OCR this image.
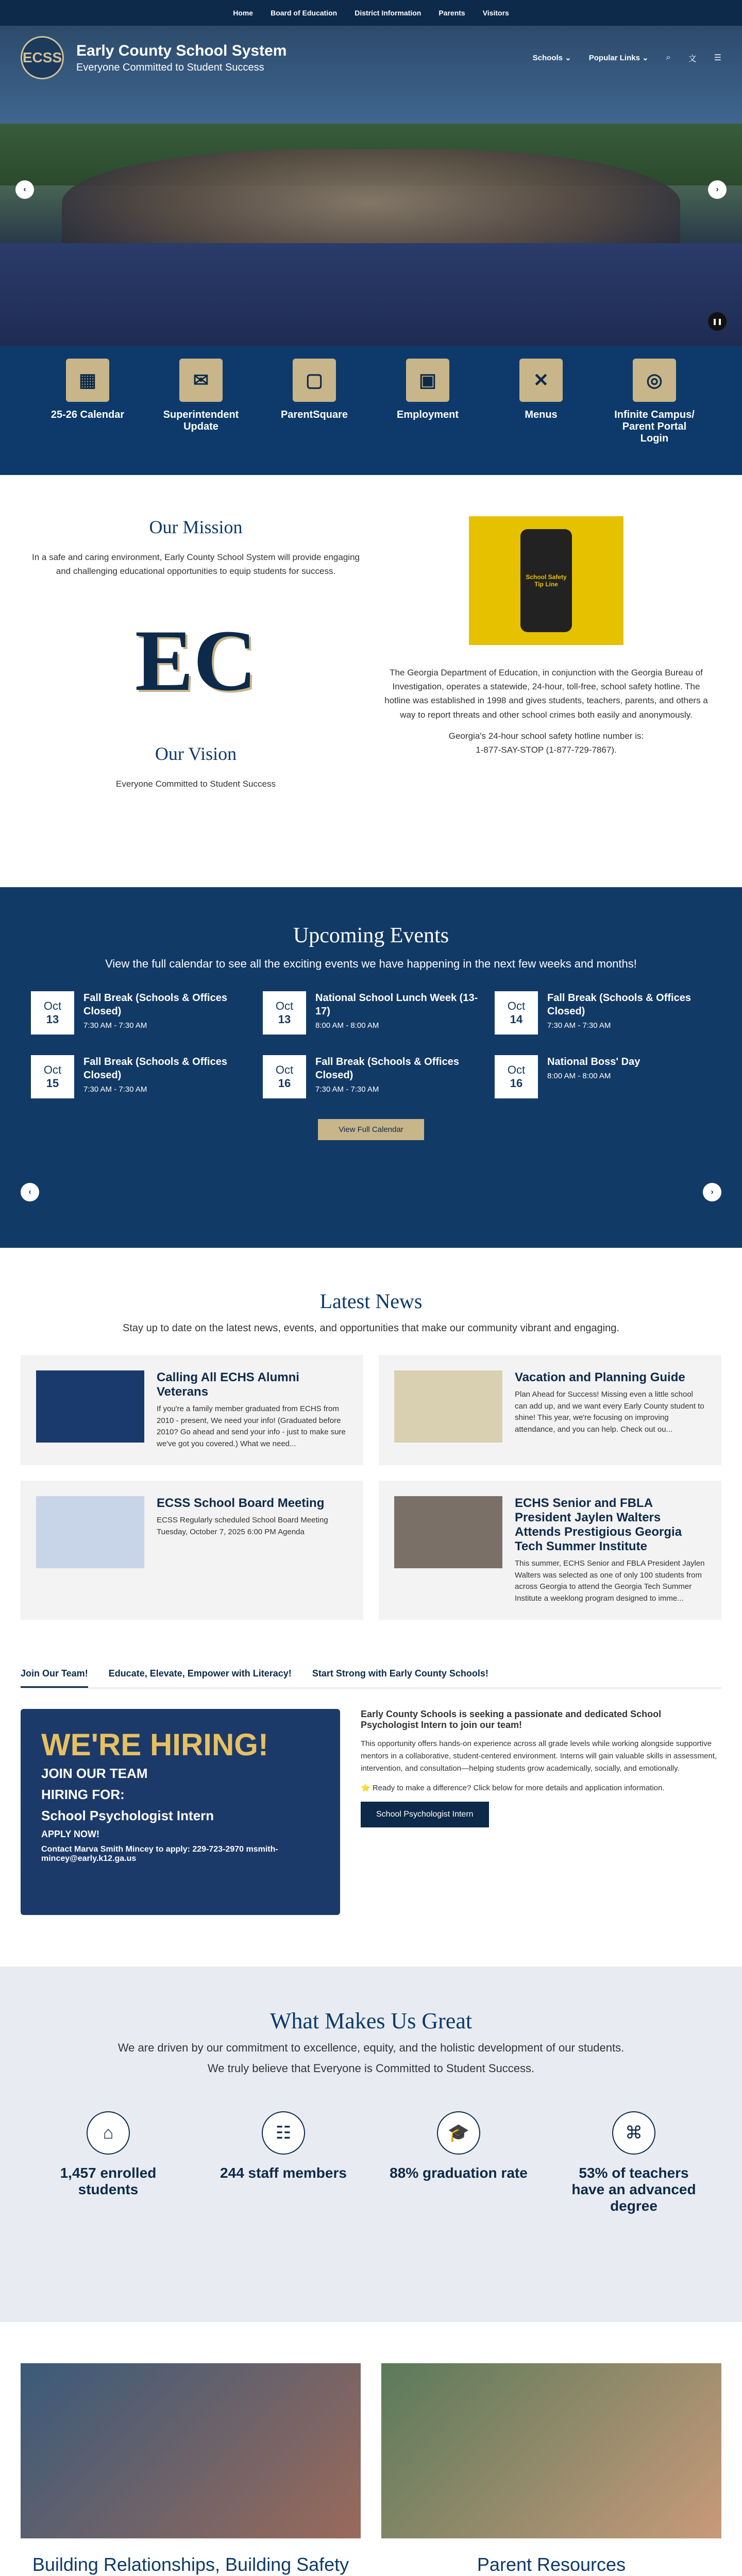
Home Board of Education District Information Parents Visitors
ECSS Early County School System

Everyone Committed to Student Success

Schools ⌄ Popular Links ⌄ ⌕ 文 ☰
‹	›
❚❚
▦
25-26 Calendar
✉
Superintendent Update
▢
ParentSquare
▣
Employment
✕
Menus
◎
Infinite Campus/ Parent Portal Login
Our Mission

In a safe and caring environment, Early County School System will provide engaging and challenging educational opportunities to equip students for success.

EC
Our Vision

Everyone Committed to Student Success

School Safety Tip Line

The Georgia Department of Education, in conjunction with the Georgia Bureau of Investigation, operates a statewide, 24-hour, toll-free, school safety hotline. The hotline was established in 1998 and gives students, teachers, parents, and others a way to report threats and other school crimes both easily and anonymously.

Georgia's 24-hour school safety hotline number is:

1-877-SAY-STOP (1-877-729-7867).

Upcoming Events

View the full calendar to see all the exciting events we have happening in the next few weeks and months!

Oct
13
Fall Break (Schools & Offices Closed)

7:30 AM - 7:30 AM

Oct
13
National School Lunch Week (13-17)

8:00 AM - 8:00 AM

Oct
14
Fall Break (Schools & Offices Closed)

7:30 AM - 7:30 AM

Oct
15
Fall Break (Schools & Offices Closed)

7:30 AM - 7:30 AM

Oct
16
Fall Break (Schools & Offices Closed)

7:30 AM - 7:30 AM

Oct
16
National Boss' Day

8:00 AM - 8:00 AM

View Full Calendar
‹	›
Latest News

Stay up to date on the latest news, events, and opportunities that make our community vibrant and engaging.

Calling All ECHS Alumni Veterans

If you're a family member graduated from ECHS from 2010 - present, We need your info! (Graduated before 2010? Go ahead and send your info - just to make sure we've got you covered.) What we need...

Vacation and Planning Guide

Plan Ahead for Success! Missing even a little school can add up, and we want every Early County student to shine! This year, we're focusing on improving attendance, and you can help. Check out ou...

ECSS School Board Meeting

ECSS Regularly scheduled School Board Meeting Tuesday, October 7, 2025 6:00 PM Agenda

ECHS Senior and FBLA President Jaylen Walters Attends Prestigious Georgia Tech Summer Institute

This summer, ECHS Senior and FBLA President Jaylen Walters was selected as one of only 100 students from across Georgia to attend the Georgia Tech Summer Institute a weeklong program designed to imme...

Join Our Team! Educate, Elevate, Empower with Literacy! Start Strong with Early County Schools!
WE'RE HIRING!
JOIN OUR TEAM
HIRING FOR:
School Psychologist Intern
APPLY NOW!
Contact Marva Smith Mincey to apply: 229-723-2970 msmith-mincey@early.k12.ga.us
Early County Schools is seeking a passionate and dedicated School Psychologist Intern to join our team!

This opportunity offers hands-on experience across all grade levels while working alongside supportive mentors in a collaborative, student-centered environment. Interns will gain valuable skills in assessment, intervention, and consultation—helping students grow academically, socially, and emotionally.

⭐ Ready to make a difference? Click below for more details and application information.

School Psychologist Intern
What Makes Us Great

We are driven by our commitment to excellence, equity, and the holistic development of our students.

We truly believe that Everyone is Committed to Student Success.

⌂
1,457 enrolled students
☷
244 staff members
🎓
88% graduation rate
⌘
53% of teachers have an advanced degree
Building Relationships, Building Safety	Parent Resources
